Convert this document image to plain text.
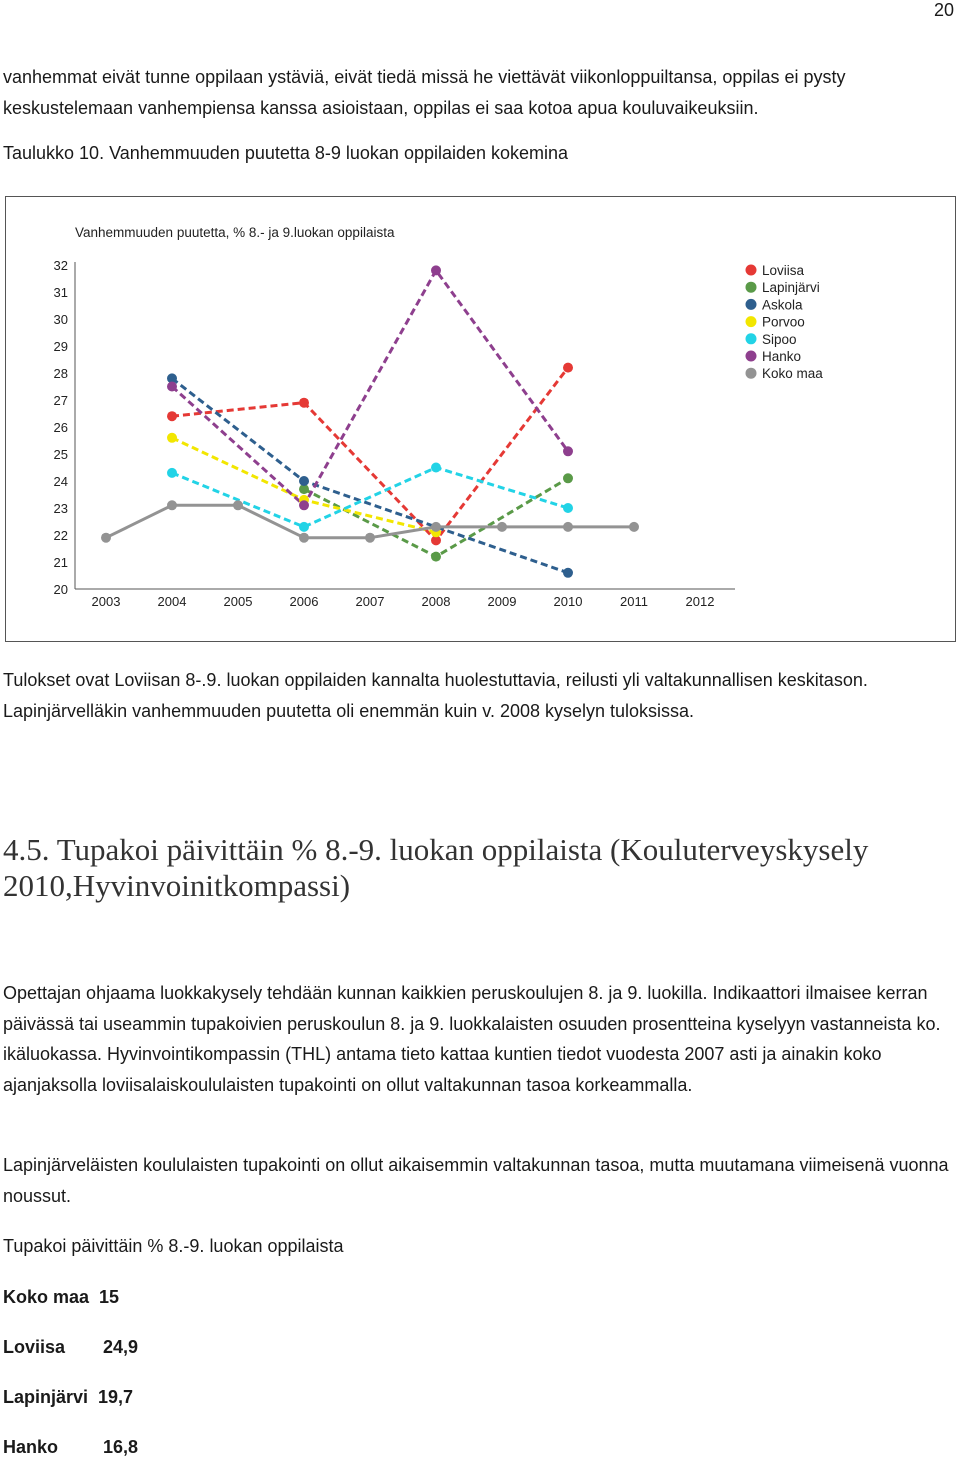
20
vanhemmat eivät tunne oppilaan ystäviä, eivät tiedä missä he viettävät viikonloppuiltansa, oppilas ei pysty keskustelemaan vanhempiensa kanssa asioistaan, oppilas ei saa kotoa apua kouluvaikeuksiin.
Taulukko 10. Vanhemmuuden puutetta 8-9 luokan oppilaiden kokemina
Vanhemmuuden puutetta, % 8.- ja 9.luokan oppilaista
32
31
30
29
28
27
26
25
24
23
22
21
20
2003	2004	2005	2006	2007	2008	2009	2010	2011	2012
Loviisa
Lapinjärvi
Askola
Porvoo
Sipoo
Hanko
Koko maa
Tulokset ovat Loviisan 8-.9. luokan oppilaiden kannalta huolestuttavia, reilusti yli valtakunnallisen keskitason. Lapinjärvelläkin vanhemmuuden puutetta oli enemmän kuin v. 2008 kyselyn tuloksissa.
4.5. Tupakoi päivittäin % 8.-9. luokan oppilaista (Kouluterveyskysely 2010,Hyvinvoinitkompassi)
Opettajan ohjaama luokkakysely tehdään kunnan kaikkien peruskoulujen 8. ja 9. luokilla. Indikaattori ilmaisee kerran päivässä tai useammin tupakoivien peruskoulun 8. ja 9. luokkalaisten osuuden prosentteina kyselyyn vastanneista ko. ikäluokassa. Hyvinvointikompassin (THL) antama tieto kattaa kuntien tiedot vuodesta 2007 asti ja ainakin koko ajanjaksolla loviisalaiskoululaisten tupakointi on ollut valtakunnan tasoa korkeammalla.
Lapinjärveläisten koululaisten tupakointi on ollut aikaisemmin valtakunnan tasoa, mutta muutamana viimeisenä vuonna noussut.
Tupakoi päivittäin % 8.-9. luokan oppilaista
Koko maa 15
Loviisa 24,9
Lapinjärvi 19,7
Hanko 16,8
